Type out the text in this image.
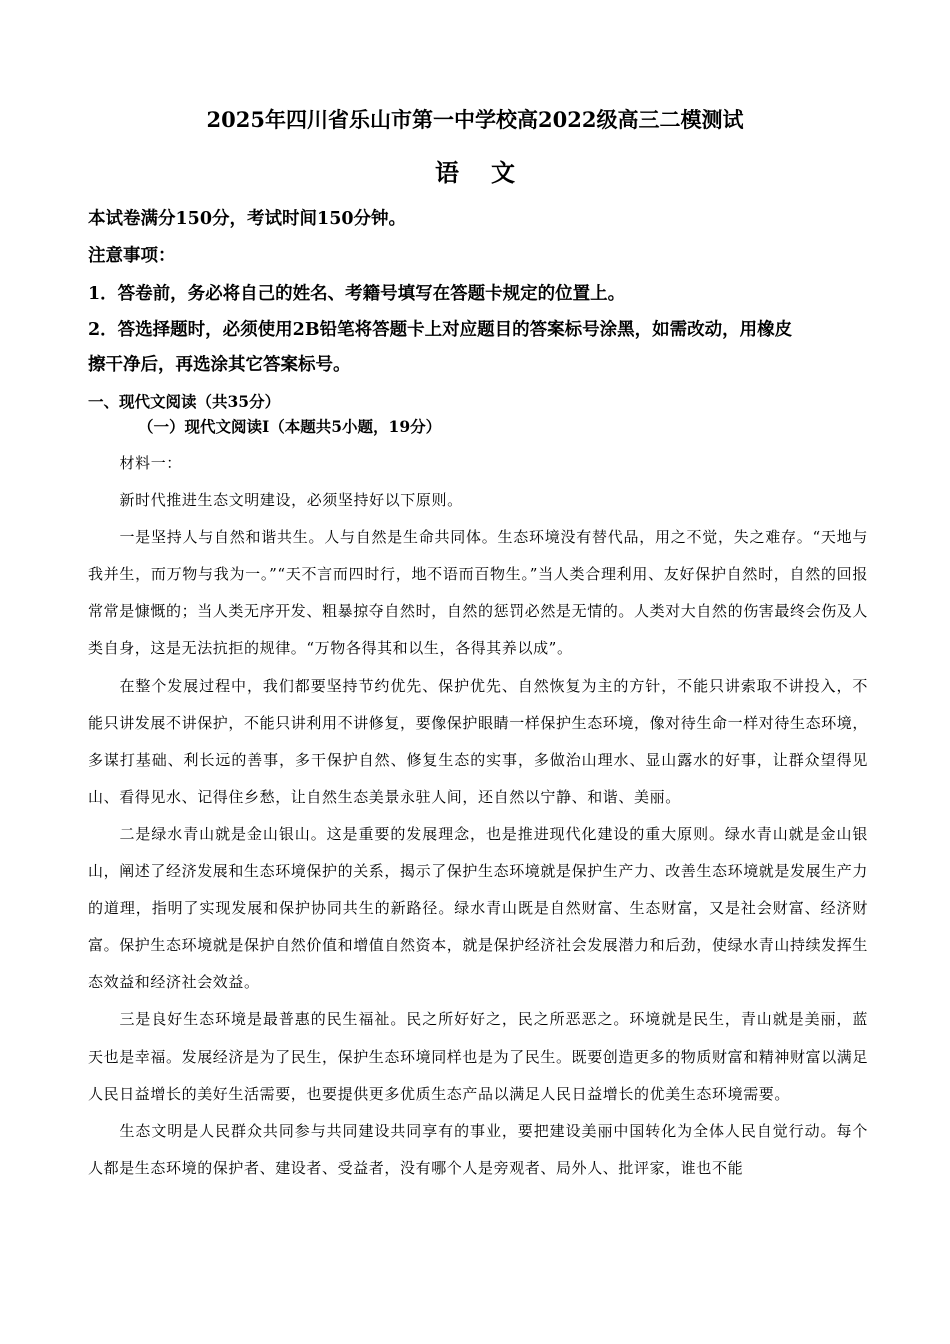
2025年四川省乐山市第一中学校高2022级高三二模测试
语 文
本试卷满分150分，考试时间150分钟。
注意事项：
1．答卷前，务必将自己的姓名、考籍号填写在答题卡规定的位置上。
2．答选择题时，必须使用2B铅笔将答题卡上对应题目的答案标号涂黑，如需改动，用橡皮
擦干净后，再选涂其它答案标号。
一、现代文阅读（共35分）
（一）现代文阅读Ⅰ（本题共5小题，19分）

材料一：

新时代推进生态文明建设，必须坚持好以下原则。

一是坚持人与自然和谐共生。人与自然是生命共同体。生态环境没有替代品，用之不觉，失之难存。“天地与我并生，而万物与我为一。”“天不言而四时行，地不语而百物生。”当人类合理利用、友好保护自然时，自然的回报常常是慷慨的；当人类无序开发、粗暴掠夺自然时，自然的惩罚必然是无情的。人类对大自然的伤害最终会伤及人类自身，这是无法抗拒的规律。“万物各得其和以生，各得其养以成”。

在整个发展过程中，我们都要坚持节约优先、保护优先、自然恢复为主的方针，不能只讲索取不讲投入，不能只讲发展不讲保护，不能只讲利用不讲修复，要像保护眼睛一样保护生态环境，像对待生命一样对待生态环境，多谋打基础、利长远的善事，多干保护自然、修复生态的实事，多做治山理水、显山露水的好事，让群众望得见山、看得见水、记得住乡愁，让自然生态美景永驻人间，还自然以宁静、和谐、美丽。

二是绿水青山就是金山银山。这是重要的发展理念，也是推进现代化建设的重大原则。绿水青山就是金山银山，阐述了经济发展和生态环境保护的关系，揭示了保护生态环境就是保护生产力、改善生态环境就是发展生产力的道理，指明了实现发展和保护协同共生的新路径。绿水青山既是自然财富、生态财富，又是社会财富、经济财富。保护生态环境就是保护自然价值和增值自然资本，就是保护经济社会发展潜力和后劲，使绿水青山持续发挥生态效益和经济社会效益。

三是良好生态环境是最普惠的民生福祉。民之所好好之，民之所恶恶之。环境就是民生，青山就是美丽，蓝天也是幸福。发展经济是为了民生，保护生态环境同样也是为了民生。既要创造更多的物质财富和精神财富以满足人民日益增长的美好生活需要，也要提供更多优质生态产品以满足人民日益增长的优美生态环境需要。

生态文明是人民群众共同参与共同建设共同享有的事业，要把建设美丽中国转化为全体人民自觉行动。每个人都是生态环境的保护者、建设者、受益者，没有哪个人是旁观者、局外人、批评家，谁也不能
